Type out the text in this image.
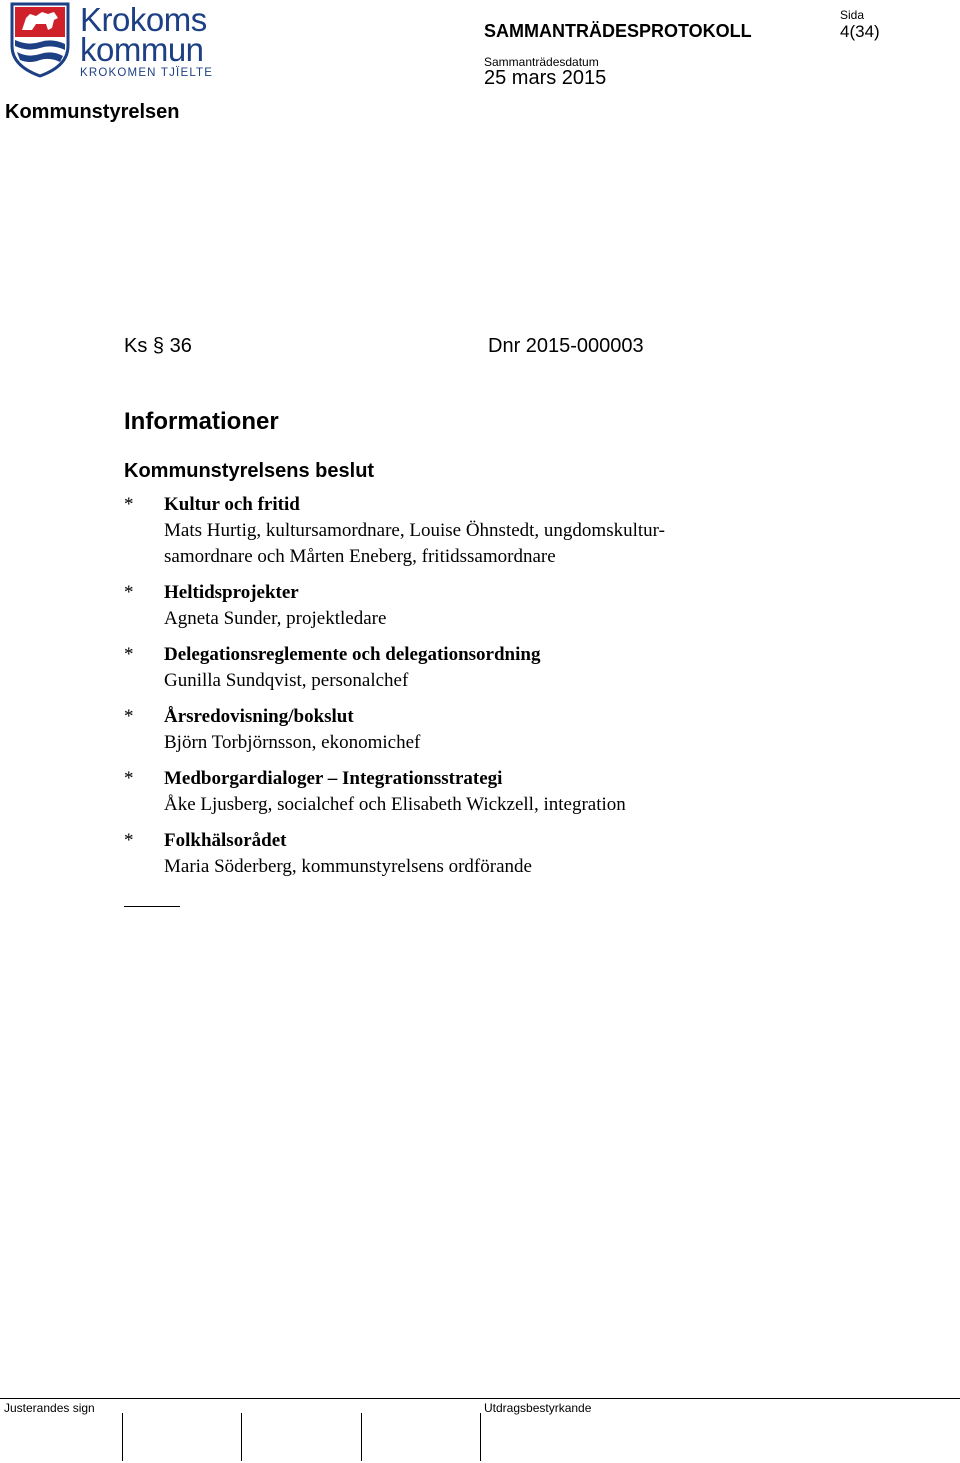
Krokoms
kommun
KROKOMEN TJÏELTE
Kommunstyrelsen
SAMMANTRÄDESPROTOKOLL
Sammanträdesdatum
25 mars 2015
Sida
4(34)
Ks § 36	Dnr 2015-000003
Informationer
Kommunstyrelsens beslut
* Kultur och fritid
Mats Hurtig, kultursamordnare, Louise Öhnstedt, ungdomskultur-samordnare och Mårten Eneberg, fritidssamordnare
* Heltidsprojekter
Agneta Sunder, projektledare
* Delegationsreglemente och delegationsordning
Gunilla Sundqvist, personalchef
* Årsredovisning/bokslut
Björn Torbjörnsson, ekonomichef
* Medborgardialoger – Integrationsstrategi
Åke Ljusberg, socialchef och Elisabeth Wickzell, integration
* Folkhälsorådet
Maria Söderberg, kommunstyrelsens ordförande
Justerandes sign	Utdragsbestyrkande
